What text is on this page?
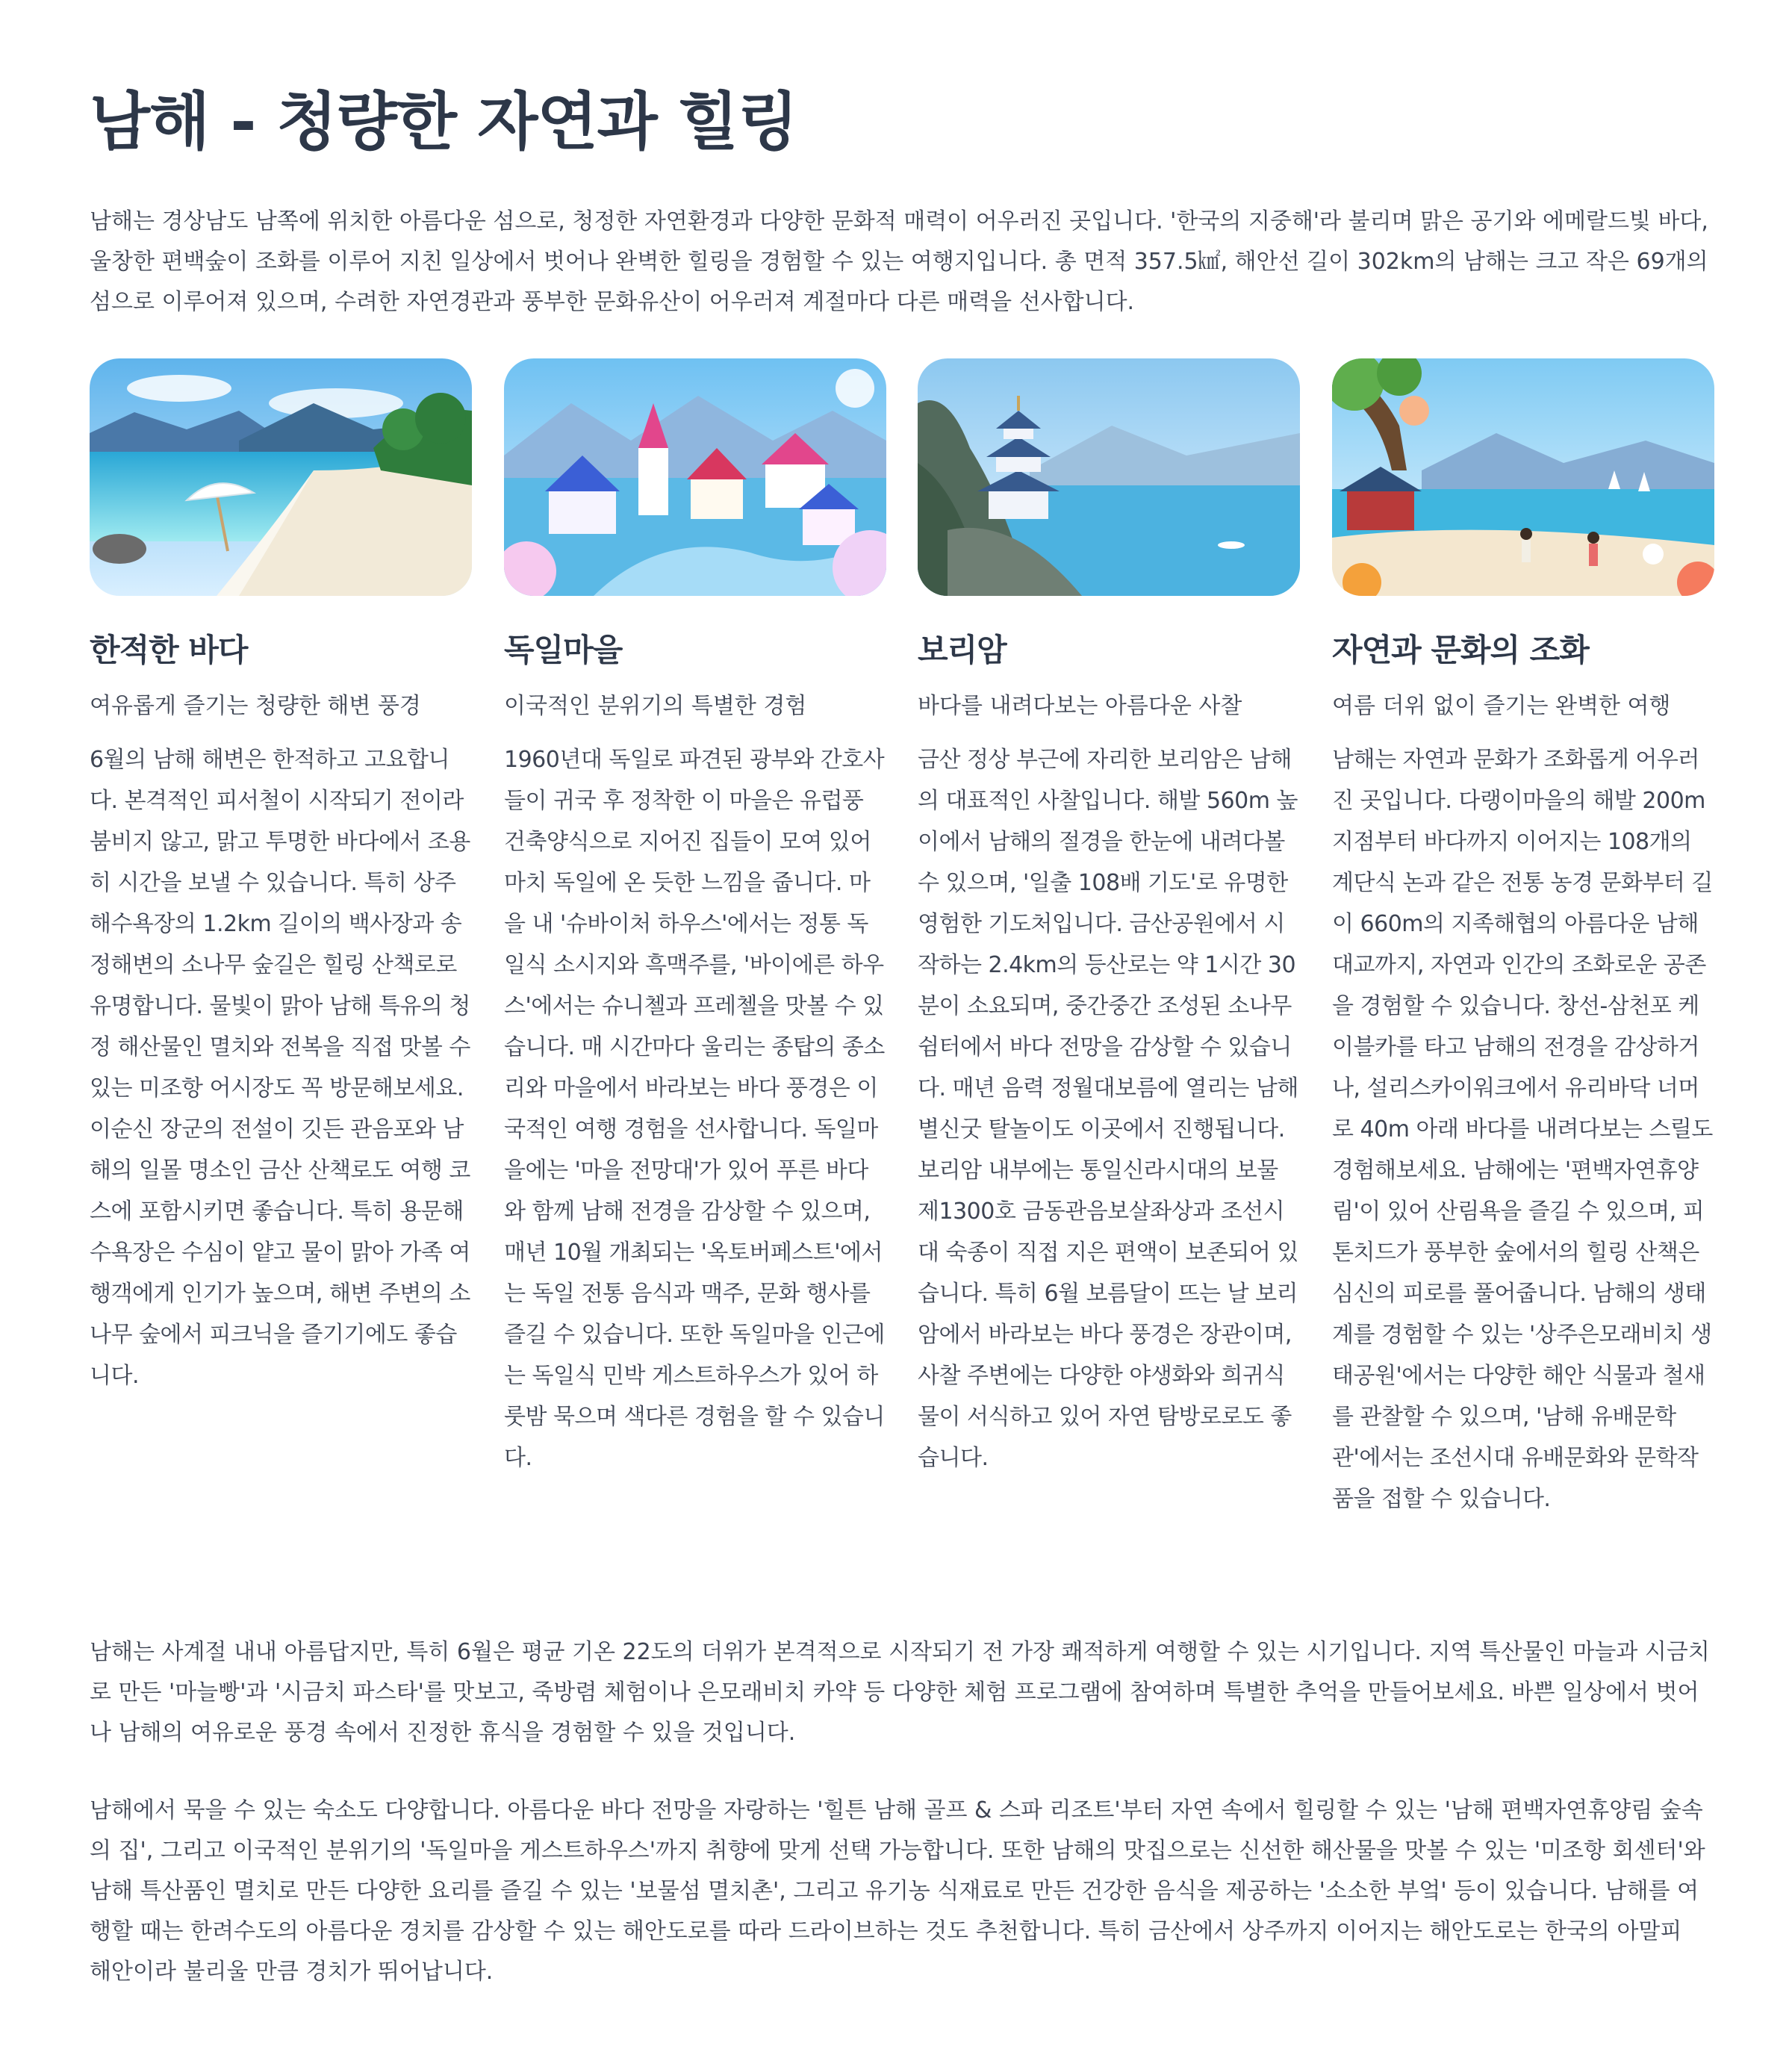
남해 - 청량한 자연과 힐링

남해는 경상남도 남쪽에 위치한 아름다운 섬으로, 청정한 자연환경과 다양한 문화적 매력이 어우러진 곳입니다. '한국의 지중해'라 불리며 맑은 공기와 에메랄드빛 바다, 울창한 편백숲이 조화를 이루어 지친 일상에서 벗어나 완벽한 힐링을 경험할 수 있는 여행지입니다. 총 면적 357.5㎢, 해안선 길이 302km의 남해는 크고 작은 69개의 섬으로 이루어져 있으며, 수려한 자연경관과 풍부한 문화유산이 어우러져 계절마다 다른 매력을 선사합니다.

한적한 바다

여유롭게 즐기는 청량한 해변 풍경

6월의 남해 해변은 한적하고 고요합니다. 본격적인 피서철이 시작되기 전이라 붐비지 않고, 맑고 투명한 바다에서 조용히 시간을 보낼 수 있습니다. 특히 상주해수욕장의 1.2km 길이의 백사장과 송정해변의 소나무 숲길은 힐링 산책로로 유명합니다. 물빛이 맑아 남해 특유의 청정 해산물인 멸치와 전복을 직접 맛볼 수 있는 미조항 어시장도 꼭 방문해보세요. 이순신 장군의 전설이 깃든 관음포와 남해의 일몰 명소인 금산 산책로도 여행 코스에 포함시키면 좋습니다. 특히 용문해수욕장은 수심이 얕고 물이 맑아 가족 여행객에게 인기가 높으며, 해변 주변의 소나무 숲에서 피크닉을 즐기기에도 좋습니다.

독일마을

이국적인 분위기의 특별한 경험

1960년대 독일로 파견된 광부와 간호사들이 귀국 후 정착한 이 마을은 유럽풍 건축양식으로 지어진 집들이 모여 있어 마치 독일에 온 듯한 느낌을 줍니다. 마을 내 '슈바이처 하우스'에서는 정통 독일식 소시지와 흑맥주를, '바이에른 하우스'에서는 슈니첼과 프레첼을 맛볼 수 있습니다. 매 시간마다 울리는 종탑의 종소리와 마을에서 바라보는 바다 풍경은 이국적인 여행 경험을 선사합니다. 독일마을에는 '마을 전망대'가 있어 푸른 바다와 함께 남해 전경을 감상할 수 있으며, 매년 10월 개최되는 '옥토버페스트'에서는 독일 전통 음식과 맥주, 문화 행사를 즐길 수 있습니다. 또한 독일마을 인근에는 독일식 민박 게스트하우스가 있어 하룻밤 묵으며 색다른 경험을 할 수 있습니다.

보리암

바다를 내려다보는 아름다운 사찰

금산 정상 부근에 자리한 보리암은 남해의 대표적인 사찰입니다. 해발 560m 높이에서 남해의 절경을 한눈에 내려다볼 수 있으며, '일출 108배 기도'로 유명한 영험한 기도처입니다. 금산공원에서 시작하는 2.4km의 등산로는 약 1시간 30분이 소요되며, 중간중간 조성된 소나무 쉼터에서 바다 전망을 감상할 수 있습니다. 매년 음력 정월대보름에 열리는 남해 별신굿 탈놀이도 이곳에서 진행됩니다. 보리암 내부에는 통일신라시대의 보물 제1300호 금동관음보살좌상과 조선시대 숙종이 직접 지은 편액이 보존되어 있습니다. 특히 6월 보름달이 뜨는 날 보리암에서 바라보는 바다 풍경은 장관이며, 사찰 주변에는 다양한 야생화와 희귀식물이 서식하고 있어 자연 탐방로로도 좋습니다.

자연과 문화의 조화

여름 더위 없이 즐기는 완벽한 여행

남해는 자연과 문화가 조화롭게 어우러진 곳입니다. 다랭이마을의 해발 200m 지점부터 바다까지 이어지는 108개의 계단식 논과 같은 전통 농경 문화부터 길이 660m의 지족해협의 아름다운 남해대교까지, 자연과 인간의 조화로운 공존을 경험할 수 있습니다. 창선-삼천포 케이블카를 타고 남해의 전경을 감상하거나, 설리스카이워크에서 유리바닥 너머로 40m 아래 바다를 내려다보는 스릴도 경험해보세요. 남해에는 '편백자연휴양림'이 있어 산림욕을 즐길 수 있으며, 피톤치드가 풍부한 숲에서의 힐링 산책은 심신의 피로를 풀어줍니다. 남해의 생태계를 경험할 수 있는 '상주은모래비치 생태공원'에서는 다양한 해안 식물과 철새를 관찰할 수 있으며, '남해 유배문학관'에서는 조선시대 유배문화와 문학작품을 접할 수 있습니다.

남해는 사계절 내내 아름답지만, 특히 6월은 평균 기온 22도의 더위가 본격적으로 시작되기 전 가장 쾌적하게 여행할 수 있는 시기입니다. 지역 특산물인 마늘과 시금치로 만든 '마늘빵'과 '시금치 파스타'를 맛보고, 죽방렴 체험이나 은모래비치 카약 등 다양한 체험 프로그램에 참여하며 특별한 추억을 만들어보세요. 바쁜 일상에서 벗어나 남해의 여유로운 풍경 속에서 진정한 휴식을 경험할 수 있을 것입니다.

남해에서 묵을 수 있는 숙소도 다양합니다. 아름다운 바다 전망을 자랑하는 '힐튼 남해 골프 & 스파 리조트'부터 자연 속에서 힐링할 수 있는 '남해 편백자연휴양림 숲속의 집', 그리고 이국적인 분위기의 '독일마을 게스트하우스'까지 취향에 맞게 선택 가능합니다. 또한 남해의 맛집으로는 신선한 해산물을 맛볼 수 있는 '미조항 회센터'와 남해 특산품인 멸치로 만든 다양한 요리를 즐길 수 있는 '보물섬 멸치촌', 그리고 유기농 식재료로 만든 건강한 음식을 제공하는 '소소한 부엌' 등이 있습니다. 남해를 여행할 때는 한려수도의 아름다운 경치를 감상할 수 있는 해안도로를 따라 드라이브하는 것도 추천합니다. 특히 금산에서 상주까지 이어지는 해안도로는 한국의 아말피 해안이라 불리울 만큼 경치가 뛰어납니다.
